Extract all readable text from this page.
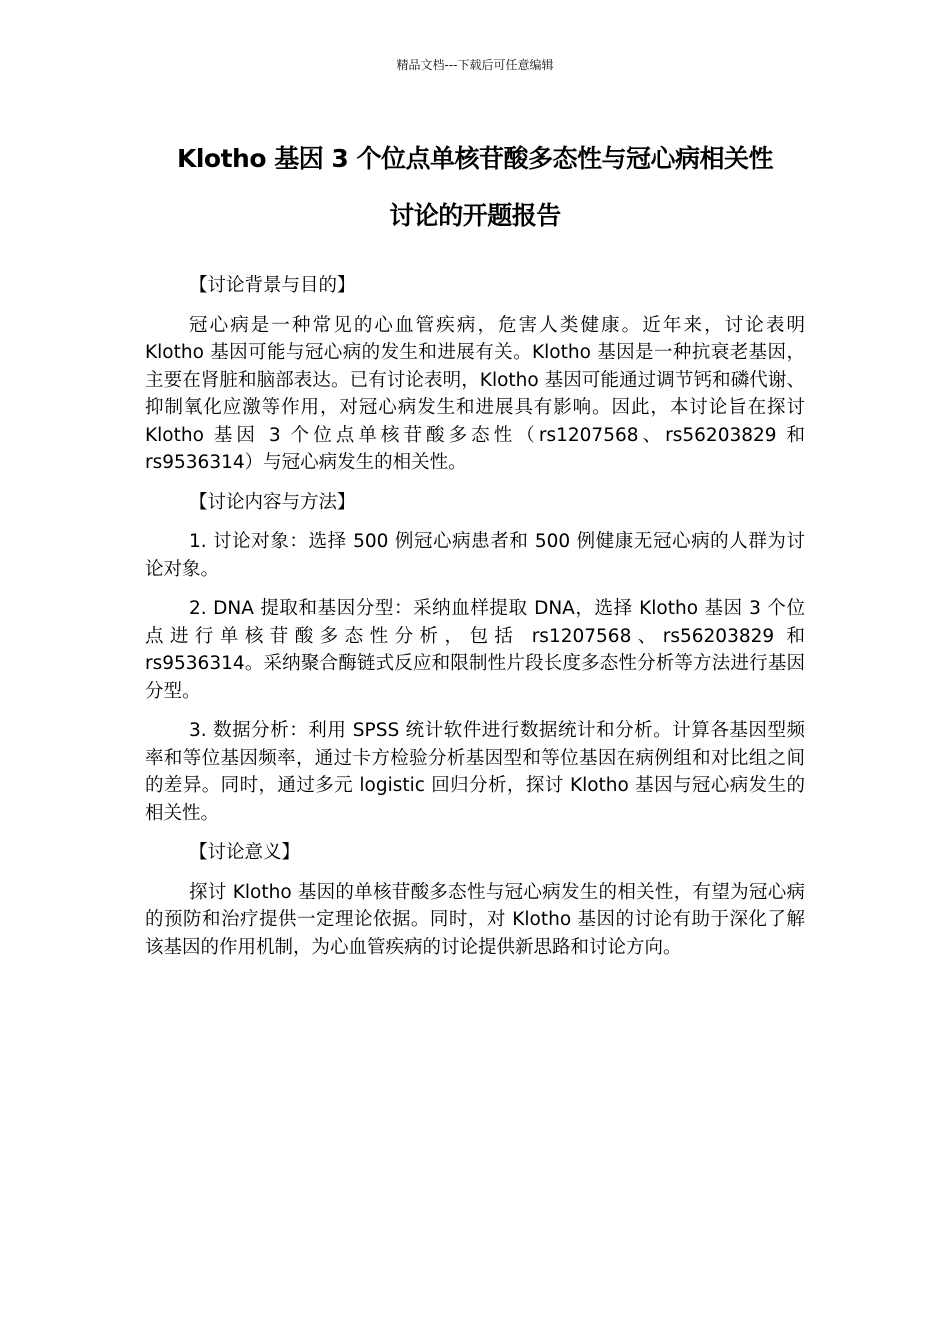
精品文档---下载后可任意编辑
Klotho 基因 3 个位点单核苷酸多态性与冠心病相关性
讨论的开题报告

【讨论背景与目的】

冠心病是一种常见的心血管疾病，危害人类健康。近年来，讨论表明 Klotho 基因可能与冠心病的发生和进展有关。Klotho 基因是一种抗衰老基因，主要在肾脏和脑部表达。已有讨论表明，Klotho 基因可能通过调节钙和磷代谢、抑制氧化应激等作用，对冠心病发生和进展具有影响。因此，本讨论旨在探讨 Klotho 基因 3 个位点单核苷酸多态性（rs1207568、rs56203829 和 rs9536314）与冠心病发生的相关性。

【讨论内容与方法】

1. 讨论对象：选择 500 例冠心病患者和 500 例健康无冠心病的人群为讨论对象。

2. DNA 提取和基因分型：采纳血样提取 DNA，选择 Klotho 基因 3 个位点进行单核苷酸多态性分析，包括 rs1207568、rs56203829 和 rs9536314。采纳聚合酶链式反应和限制性片段长度多态性分析等方法进行基因分型。

3. 数据分析：利用 SPSS 统计软件进行数据统计和分析。计算各基因型频率和等位基因频率，通过卡方检验分析基因型和等位基因在病例组和对比组之间的差异。同时，通过多元 logistic 回归分析，探讨 Klotho 基因与冠心病发生的相关性。

【讨论意义】

探讨 Klotho 基因的单核苷酸多态性与冠心病发生的相关性，有望为冠心病的预防和治疗提供一定理论依据。同时，对 Klotho 基因的讨论有助于深化了解该基因的作用机制，为心血管疾病的讨论提供新思路和讨论方向。
